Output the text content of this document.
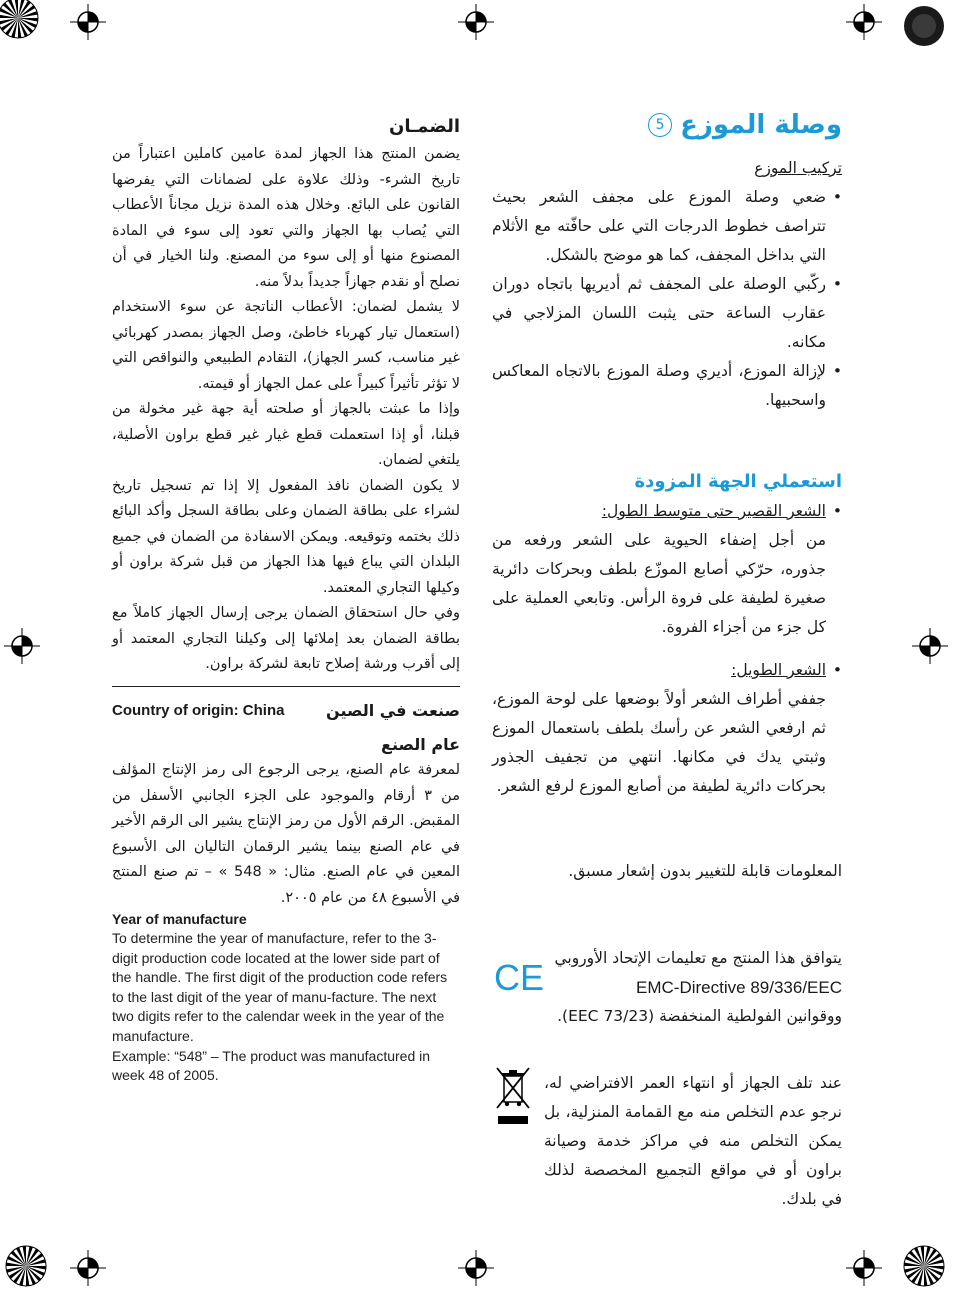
وصلة الموزع
5
تركيب الموزع
• ضعي وصلة الموزع على مجفف الشعر بحيث تتراصف خطوط الدرجات التي على حافّته مع الأثلام التي بداخل المجفف، كما هو موضح بالشكل.
• ركّبي الوصلة على المجفف ثم أديريها باتجاه دوران عقارب الساعة حتى يثبت اللسان المزلاجي في مكانه.
• لإزالة الموزع، أديري وصلة الموزع بالاتجاه المعاكس واسحبيها.
استعملي الجهة المزودة
• الشعر القصير حتى متوسط الطول:
من أجل إضفاء الحيوية على الشعر ورفعه من جذوره، حرّكي أصابع الموزّع بلطف وبحركات دائرية صغيرة لطيفة على فروة الرأس. وتابعي العملية على كل جزء من أجزاء الفروة.
• الشعر الطويل:
جففي أطراف الشعر أولاً بوضعها على لوحة الموزع، ثم ارفعي الشعر عن رأسك بلطف باستعمال الموزع وثبتي يدك في مكانها. انتهي من تجفيف الجذور بحركات دائرية لطيفة من أصابع الموزع لرفع الشعر.

المعلومات قابلة للتغيير بدون إشعار مسبق.

يتوافق هذا المنتج مع تعليمات الإتحاد الأوروبي

EMC-Directive 89/336/EEC

ووقوانين الفولطية المنخفضة (73/23 EEC).

عند تلف الجهاز أو انتهاء العمر الافتراضي له، نرجو عدم التخلص منه مع القمامة المنزلية، بل يمكن التخلص منه في مراكز خدمة وصيانة براون أو في مواقع التجميع المخصصة لذلك في بلدك.

CE
الضمـان

يضمن المنتج هذا الجهاز لمدة عامين كاملين اعتباراً من تاريخ الشرء- وذلك علاوة على لضمانات التي يفرضها القانون على البائع. وخلال هذه المدة نزيل مجاناً الأعطاب التي يُصاب بها الجهاز والتي تعود إلى سوء في المادة المصنوع منها أو إلى سوء من المصنع. ولنا الخيار في أن نصلح أو نقدم جهازاً جديداً بدلاً منه.

لا يشمل لضمان: الأعطاب الناتجة عن سوء الاستخدام (استعمال تيار كهرباء خاطئ، وصل الجهاز بمصدر كهربائي غير مناسب، كسر الجهاز)، التقادم الطبيعي والنواقص التي لا تؤثر تأثيراً كبيراً على عمل الجهاز أو قيمته.

وإذا ما عبثت بالجهاز أو صلحته أية جهة غير مخولة من قبلنا، أو إذا استعملت قطع غيار غير قطع براون الأصلية، يلتغي لضمان.

لا يكون الضمان نافذ المفعول إلا إذا تم تسجيل تاريخ لشراء على بطاقة الضمان وعلى بطاقة السجل وأكد البائع ذلك بختمه وتوقيعه. ويمكن الاسفادة من الضمان في جميع البلدان التي يباع فيها هذا الجهاز من قبل شركة براون أو وكيلها التجاري المعتمد.

وفي حال استحقاق الضمان يرجى إرسال الجهاز كاملاً مع بطاقة الضمان بعد إملائها إلى وكيلنا التجاري المعتمد أو إلى أقرب ورشة إصلاح تابعة لشركة براون.

Country of origin: China	صنعت في الصين
عام الصنع

لمعرفة عام الصنع، يرجى الرجوع الى رمز الإنتاج المؤلف من ٣ أرقام والموجود على الجزء الجانبي الأسفل من المقبض. الرقم الأول من رمز الإنتاج يشير الى الرقم الأخير في عام الصنع بينما يشير الرقمان التاليان الى الأسبوع المعين في عام الصنع. مثال: « 548 » – تم صنع المنتج في الأسبوع ٤٨ من عام ٢٠٠٥.

Year of manufacture
To determine the year of manufacture, refer to the 3-digit production code located at the lower side part of the handle. The first digit of the production code refers to the last digit of the year of manu-facture. The next two digits refer to the calendar week in the year of the manufacture.
Example: “548” – The product was manufactured in week 48 of 2005.
